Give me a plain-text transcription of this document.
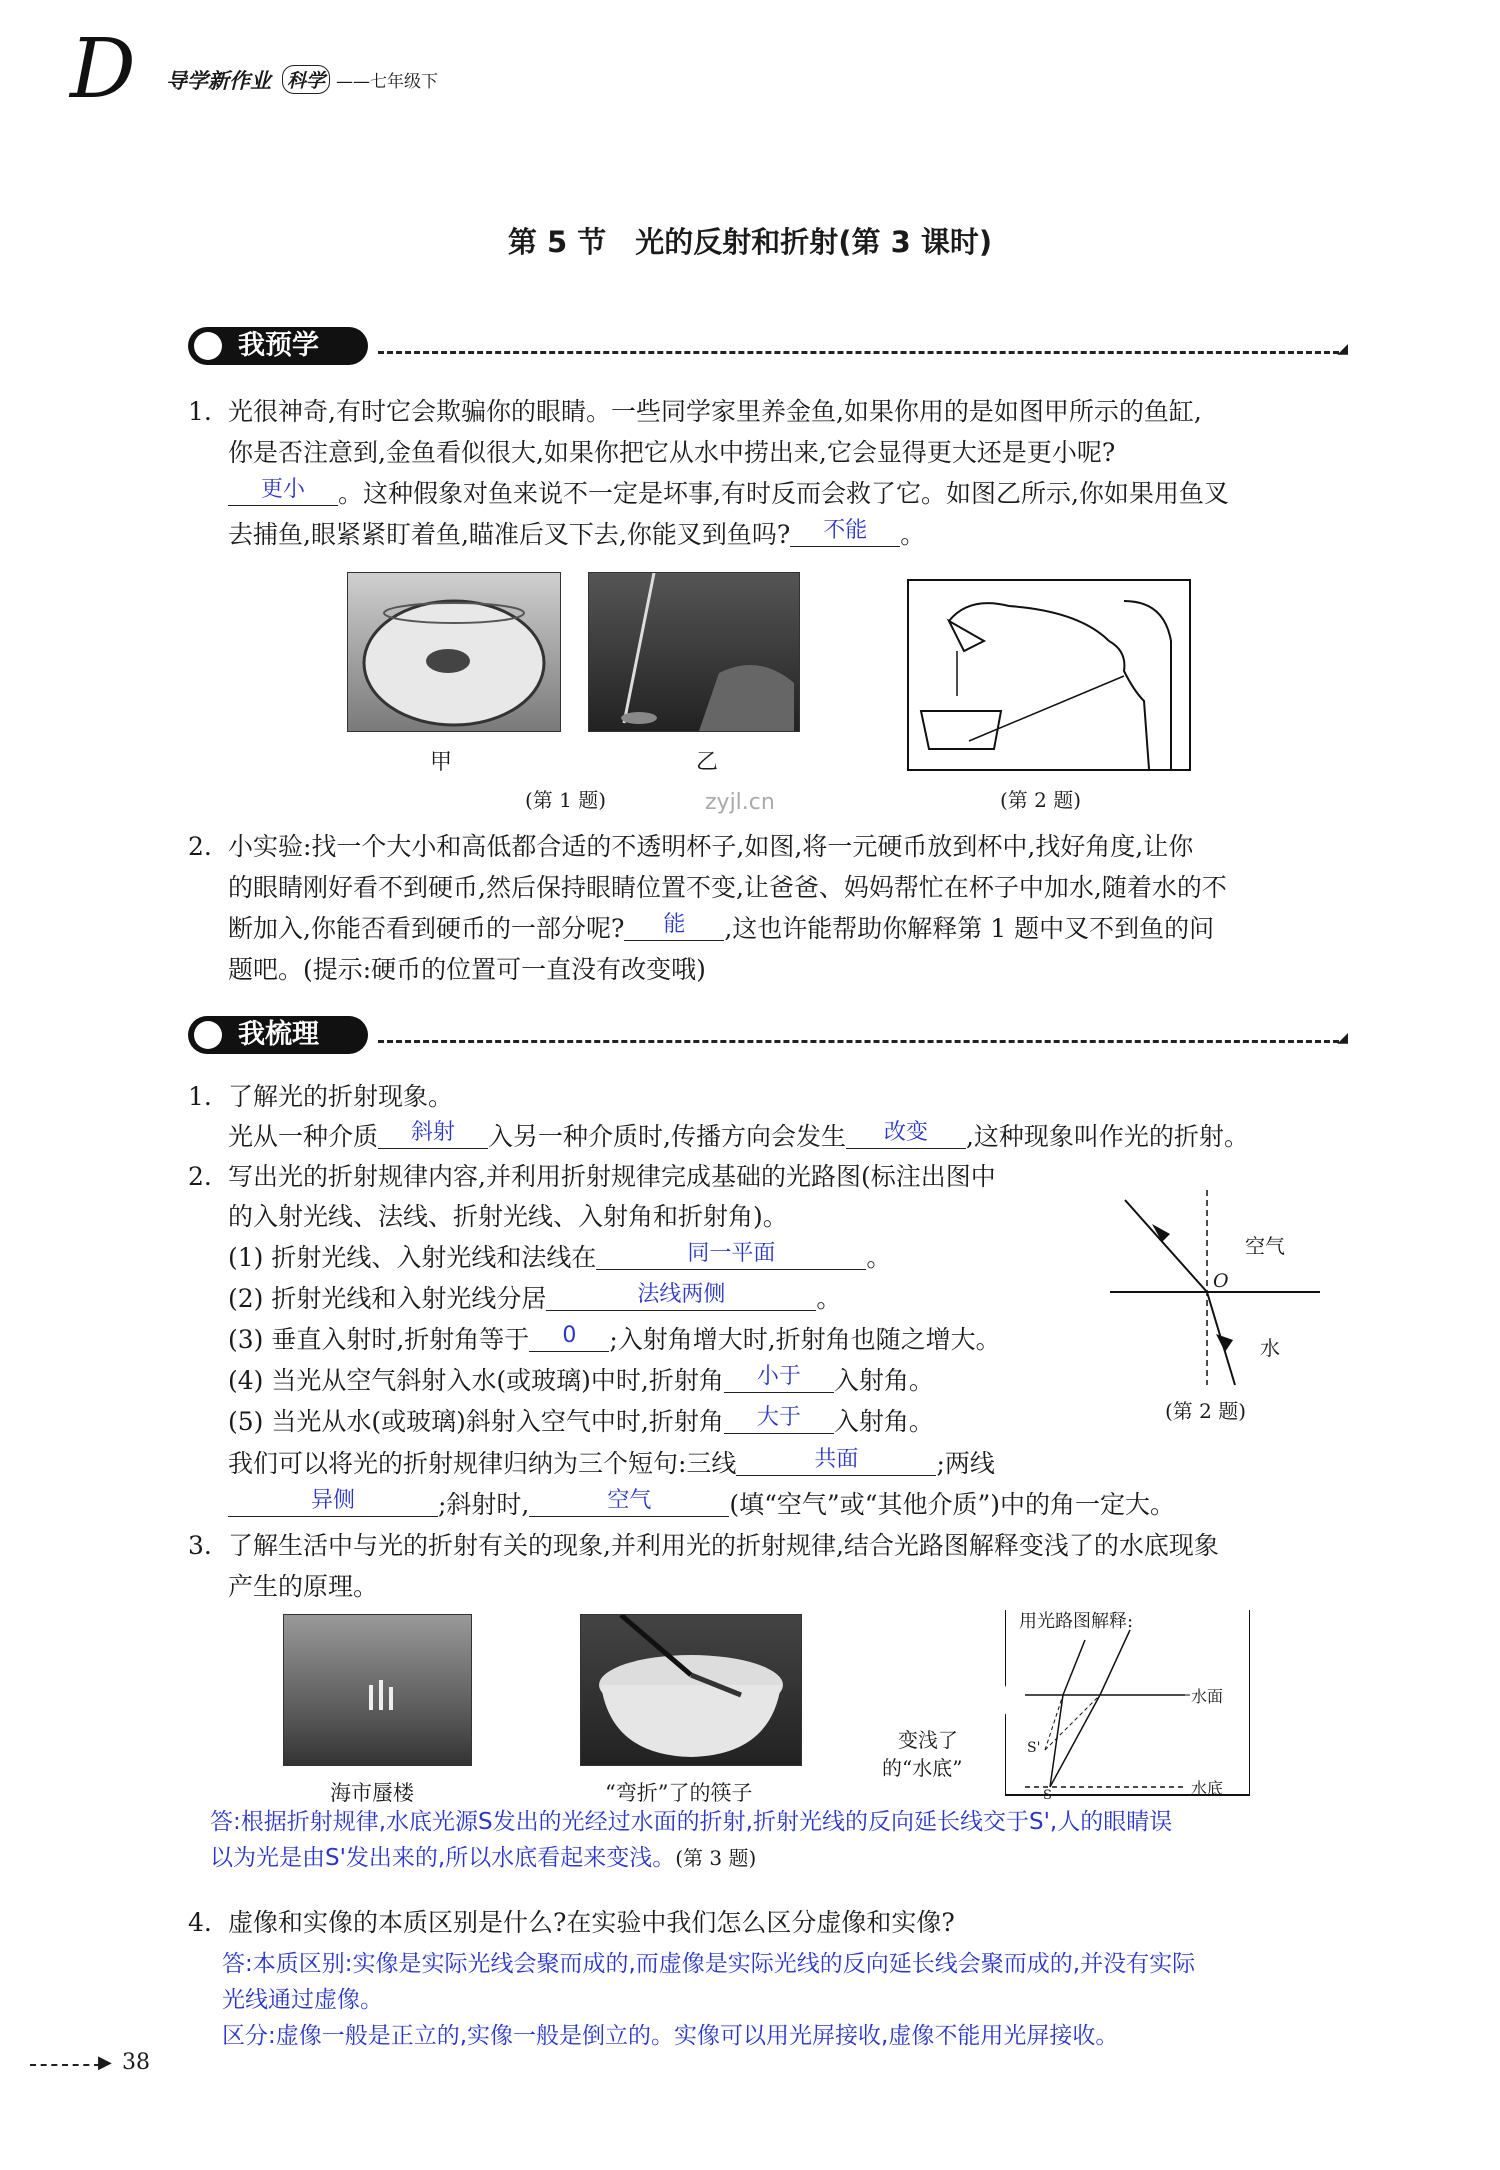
D 导学新作业 科学 ——七年级下
第 5 节　光的反射和折射(第 3 课时)
我预学	◢
1. 光很神奇,有时它会欺骗你的眼睛。一些同学家里养金鱼,如果你用的是如图甲所示的鱼缸,
你是否注意到,金鱼看似很大,如果你把它从水中捞出来,它会显得更大还是更小呢?
更小 。这种假象对鱼来说不一定是坏事,有时反而会救了它。如图乙所示,你如果用鱼叉
去捕鱼,眼紧紧盯着鱼,瞄准后叉下去,你能叉到鱼吗? 不能 。
甲	乙
(第 1 题)	zyjl.cn	(第 2 题)
2. 小实验:找一个大小和高低都合适的不透明杯子,如图,将一元硬币放到杯中,找好角度,让你
的眼睛刚好看不到硬币,然后保持眼睛位置不变,让爸爸、妈妈帮忙在杯子中加水,随着水的不
断加入,你能否看到硬币的一部分呢? 能 ,这也许能帮助你解释第 1 题中叉不到鱼的问
题吧。(提示:硬币的位置可一直没有改变哦)
我梳理	◢
1. 了解光的折射现象。
光从一种介质 斜射 入另一种介质时,传播方向会发生 改变 ,这种现象叫作光的折射。
2. 写出光的折射规律内容,并利用折射规律完成基础的光路图(标注出图中
的入射光线、法线、折射光线、入射角和折射角)。
(1) 折射光线、入射光线和法线在	同一平面	。
(2) 折射光线和入射光线分居	法线两侧	。
(3) 垂直入射时,折射角等于 0 ;入射角增大时,折射角也随之增大。
(4) 当光从空气斜射入水(或玻璃)中时,折射角 小于 入射角。
(5) 当光从水(或玻璃)斜射入空气中时,折射角 大于 入射角。
我们可以将光的折射规律归纳为三个短句:三线	共面	;两线
异侧	;斜射时,	空气	(填“空气”或“其他介质”)中的角一定大。
空气
O
水
(第 2 题)
3. 了解生活中与光的折射有关的现象,并利用光的折射规律,结合光路图解释变浅了的水底现象
产生的原理。
海市蜃楼	“弯折”了的筷子
用光路图解释:
水面
水底
S'
S
变浅了
的“水底”
答:根据折射规律,水底光源S发出的光经过水面的折射,折射光线的反向延长线交于S',人的眼睛误
以为光是由S'发出来的,所以水底看起来变浅。(第 3 题)
4. 虚像和实像的本质区别是什么?在实验中我们怎么区分虚像和实像?
答:本质区别:实像是实际光线会聚而成的,而虚像是实际光线的反向延长线会聚而成的,并没有实际
光线通过虚像。
区分:虚像一般是正立的,实像一般是倒立的。实像可以用光屏接收,虚像不能用光屏接收。
▶ 38
